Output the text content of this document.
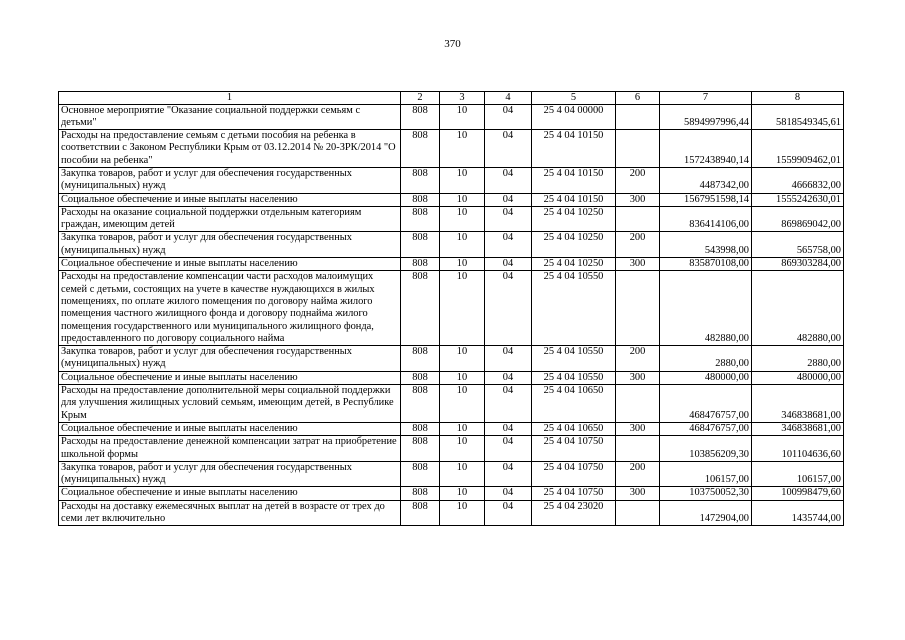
370
1	2	3	4	5	6	7	8
Основное мероприятие "Оказание социальной поддержки семьям с детьми"	808	10	04	25 4 04 00000		5894997996,44	5818549345,61
Расходы на предоставление семьям с детьми пособия на ребенка в соответствии с Законом Республики Крым от 03.12.2014 № 20-ЗРК/2014 "О пособии на ребенка"	808	10	04	25 4 04 10150		1572438940,14	1559909462,01
Закупка товаров, работ и услуг для обеспечения государственных (муниципальных) нужд	808	10	04	25 4 04 10150	200	4487342,00	4666832,00
Социальное обеспечение и иные выплаты населению	808	10	04	25 4 04 10150	300	1567951598,14	1555242630,01
Расходы на оказание социальной поддержки отдельным категориям граждан, имеющим детей	808	10	04	25 4 04 10250		836414106,00	869869042,00
Закупка товаров, работ и услуг для обеспечения государственных (муниципальных) нужд	808	10	04	25 4 04 10250	200	543998,00	565758,00
Социальное обеспечение и иные выплаты населению	808	10	04	25 4 04 10250	300	835870108,00	869303284,00
Расходы на предоставление компенсации части расходов малоимущих семей с детьми, состоящих на учете в качестве нуждающихся в жилых помещениях, по оплате жилого помещения по договору найма жилого помещения частного жилищного фонда и договору поднайма жилого помещения государственного или муниципального жилищного фонда, предоставленного по договору социального найма	808	10	04	25 4 04 10550		482880,00	482880,00
Закупка товаров, работ и услуг для обеспечения государственных (муниципальных) нужд	808	10	04	25 4 04 10550	200	2880,00	2880,00
Социальное обеспечение и иные выплаты населению	808	10	04	25 4 04 10550	300	480000,00	480000,00
Расходы на предоставление дополнительной меры социальной поддержки для улучшения жилищных условий семьям, имеющим детей, в Республике Крым	808	10	04	25 4 04 10650		468476757,00	346838681,00
Социальное обеспечение и иные выплаты населению	808	10	04	25 4 04 10650	300	468476757,00	346838681,00
Расходы на предоставление денежной компенсации затрат на приобретение школьной формы	808	10	04	25 4 04 10750		103856209,30	101104636,60
Закупка товаров, работ и услуг для обеспечения государственных (муниципальных) нужд	808	10	04	25 4 04 10750	200	106157,00	106157,00
Социальное обеспечение и иные выплаты населению	808	10	04	25 4 04 10750	300	103750052,30	100998479,60
Расходы на доставку ежемесячных выплат на детей в возрасте от трех до семи лет включительно	808	10	04	25 4 04 23020		1472904,00	1435744,00
